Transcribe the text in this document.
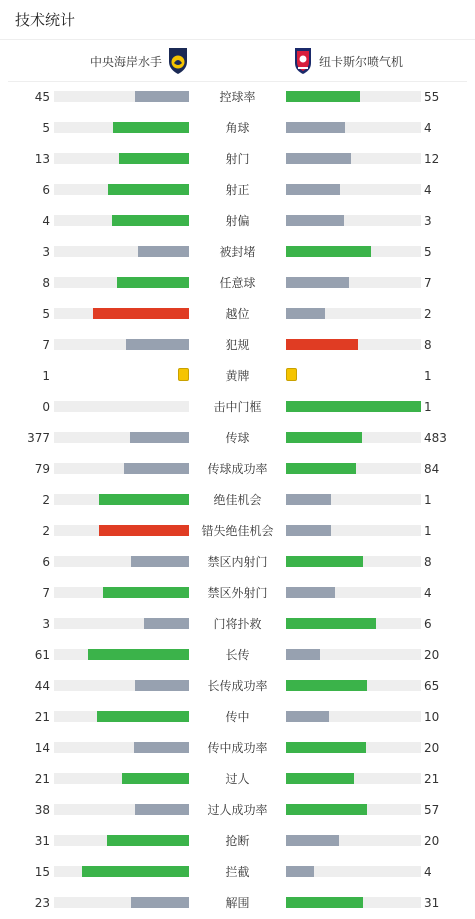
技术统计
中央海岸水手	纽卡斯尔喷气机
45	控球率	55
5	角球	4
13	射门	12
6	射正	4
4	射偏	3
3	被封堵	5
8	任意球	7
5	越位	2
7	犯规	8
1	黄牌	1
0	击中门框	1
377	传球	483
79	传球成功率	84
2	绝佳机会	1
2	错失绝佳机会	1
6	禁区内射门	8
7	禁区外射门	4
3	门将扑救	6
61	长传	20
44	长传成功率	65
21	传中	10
14	传中成功率	20
21	过人	21
38	过人成功率	57
31	抢断	20
15	拦截	4
23	解围	31
